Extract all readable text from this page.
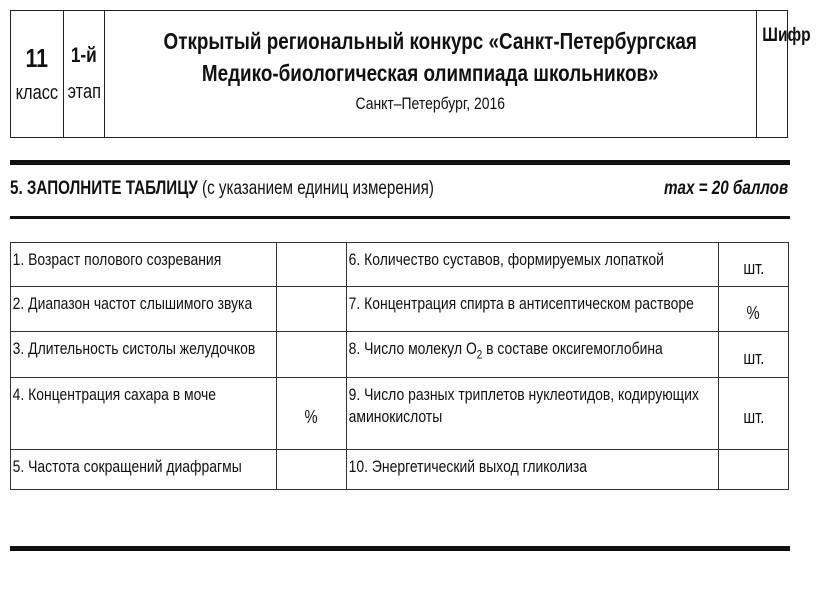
11
класс
1-й
этап
Открытый региональный конкурс «Санкт-Петербургская
Медико-биологическая олимпиада школьников»
Санкт–Петербург, 2016
Шифр
5. ЗАПОЛНИТЕ ТАБЛИЦУ (с указанием единиц измерения)	max = 20 баллов
1. Возраст полового созревания		6. Количество суставов, формируемых лопаткой	шт.

2. Диапазон частот слышимого звука		7. Концентрация спирта в антисептическом растворе	%

3. Длительность систолы желудочков		8. Число молекул $O_2$ в составе оксигемоглобина	шт.

4. Концентрация сахара в моче	%	9. Число разных триплетов нуклеотидов, кодирующих аминокислоты	шт.

5. Частота сокращений диафрагмы		10. Энергетический выход гликолиза	
